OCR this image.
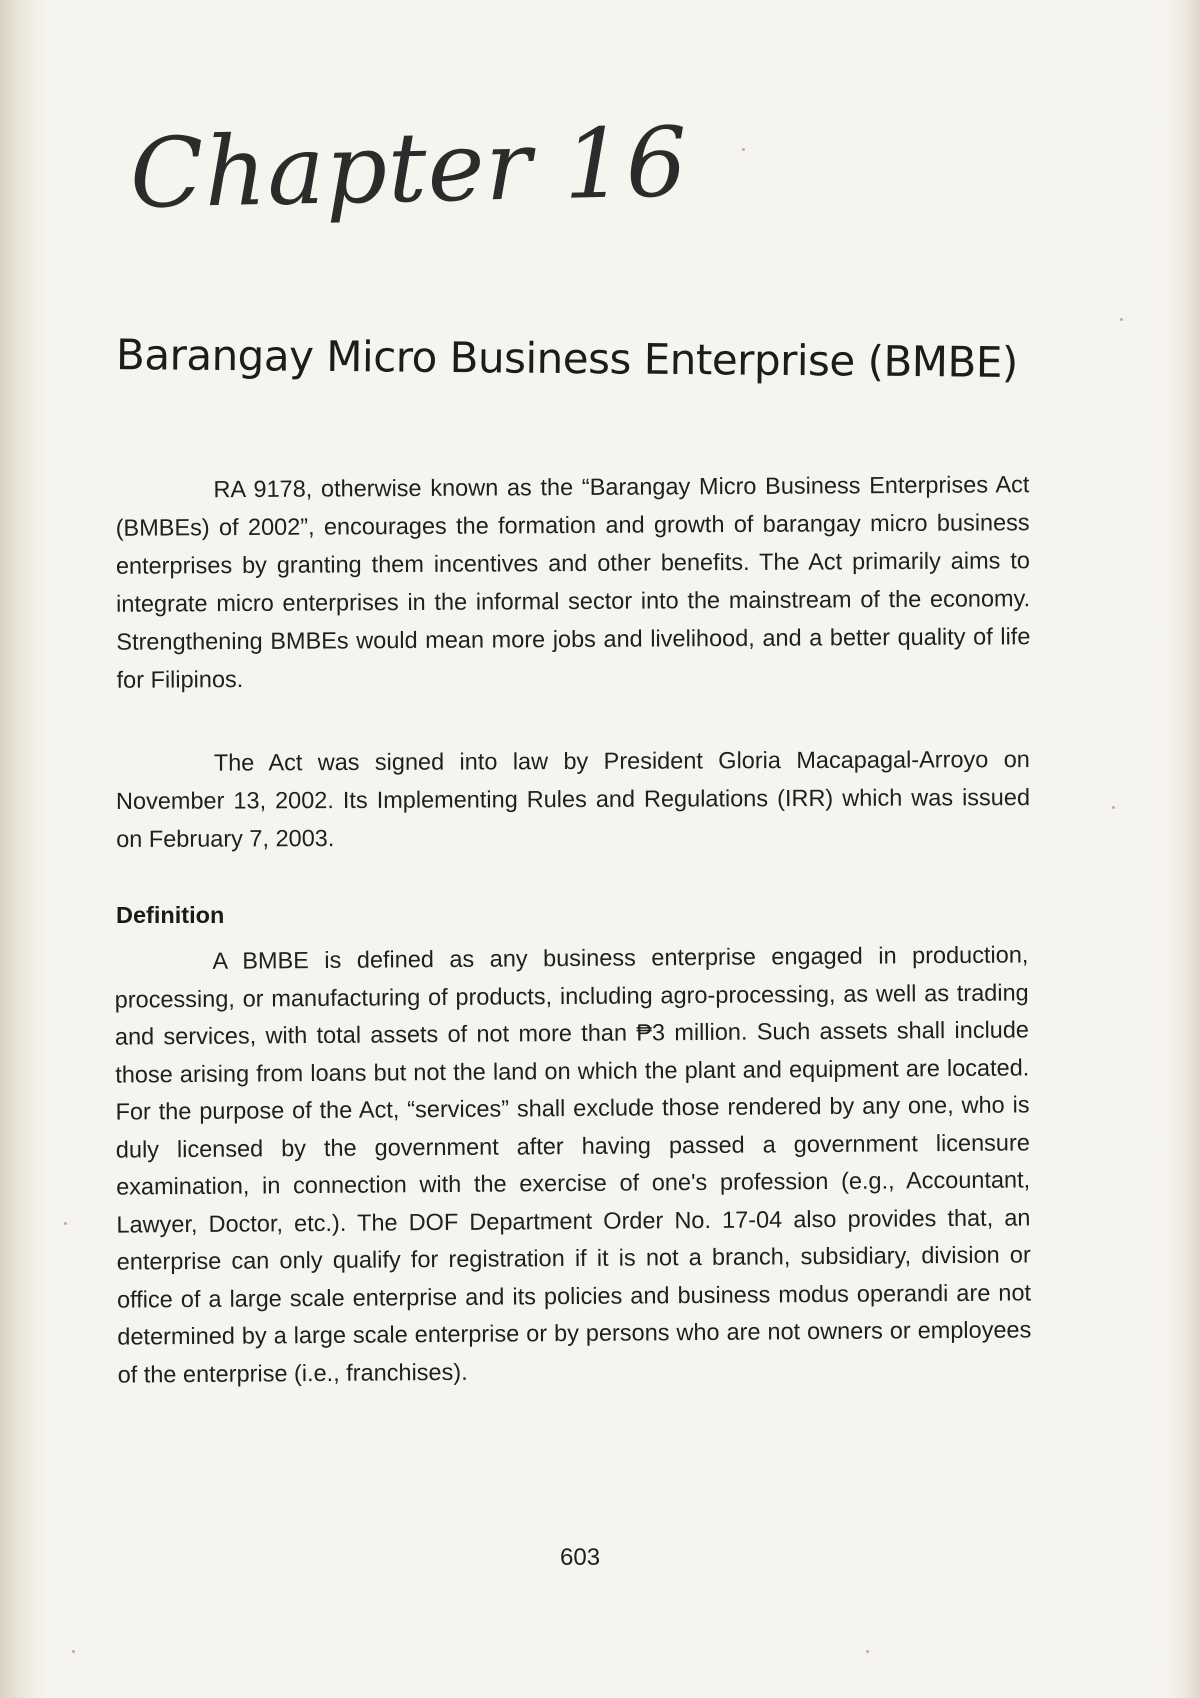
Chapter 16
Barangay Micro Business Enterprise (BMBE)

RA 9178, otherwise known as the “Barangay Micro Business Enterprises Act (BMBEs) of 2002”, encourages the formation and growth of barangay micro business enterprises by granting them incentives and other benefits. The Act primarily aims to integrate micro enterprises in the informal sector into the mainstream of the economy. Strengthening BMBEs would mean more jobs and livelihood, and a better quality of life for Filipinos.

The Act was signed into law by President Gloria Macapagal-Arroyo on November 13, 2002. Its Implementing Rules and Regulations (IRR) which was issued on February 7, 2003.

Definition

A BMBE is defined as any business enterprise engaged in production, processing, or manufacturing of products, including agro-processing, as well as trading and services, with total assets of not more than ₱3 million. Such assets shall include those arising from loans but not the land on which the plant and equipment are located. For the purpose of the Act, “services” shall exclude those rendered by any one, who is duly licensed by the government after having passed a government licensure examination, in connection with the exercise of one's profession (e.g., Accountant, Lawyer, Doctor, etc.). The DOF Department Order No. 17-04 also provides that, an enterprise can only qualify for registration if it is not a branch, subsidiary, division or office of a large scale enterprise and its policies and business modus operandi are not determined by a large scale enterprise or by persons who are not owners or employees of the enterprise (i.e., franchises).

603
